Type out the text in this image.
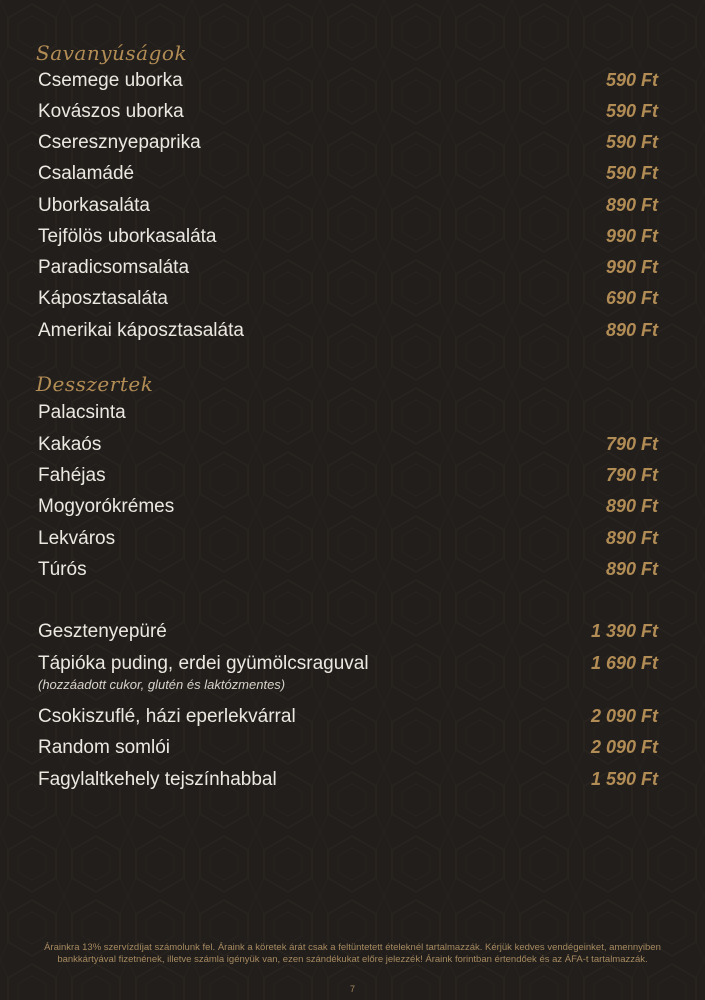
Savanyúságok
Csemege uborka	590 Ft
Kovászos uborka	590 Ft
Cseresznyepaprika	590 Ft
Csalamádé	590 Ft
Uborkasaláta	890 Ft
Tejfölös uborkasaláta	990 Ft
Paradicsomsaláta	990 Ft
Káposztasaláta	690 Ft
Amerikai káposztasaláta	890 Ft
Desszertek
Palacsinta
Kakaós	790 Ft
Fahéjas	790 Ft
Mogyorókrémes	890 Ft
Lekváros	890 Ft
Túrós	890 Ft
Gesztenyepüré	1 390 Ft
Tápióka puding, erdei gyümölcsraguval	1 690 Ft
(hozzáadott cukor, glutén és laktózmentes)
Csokiszuflé, házi eperlekvárral	2 090 Ft
Random somlói	2 090 Ft
Fagylaltkehely tejszínhabbal	1 590 Ft
Árainkra 13% szervízdíjat számolunk fel. Áraink a köretek árát csak a feltüntetett ételeknél tartalmazzák. Kérjük kedves vendégeinket, amennyiben
bankkártyával fizetnének, illetve számla igényük van, ezen szándékukat előre jelezzék! Áraink forintban értendőek és az ÁFA-t tartalmazzák.
7
